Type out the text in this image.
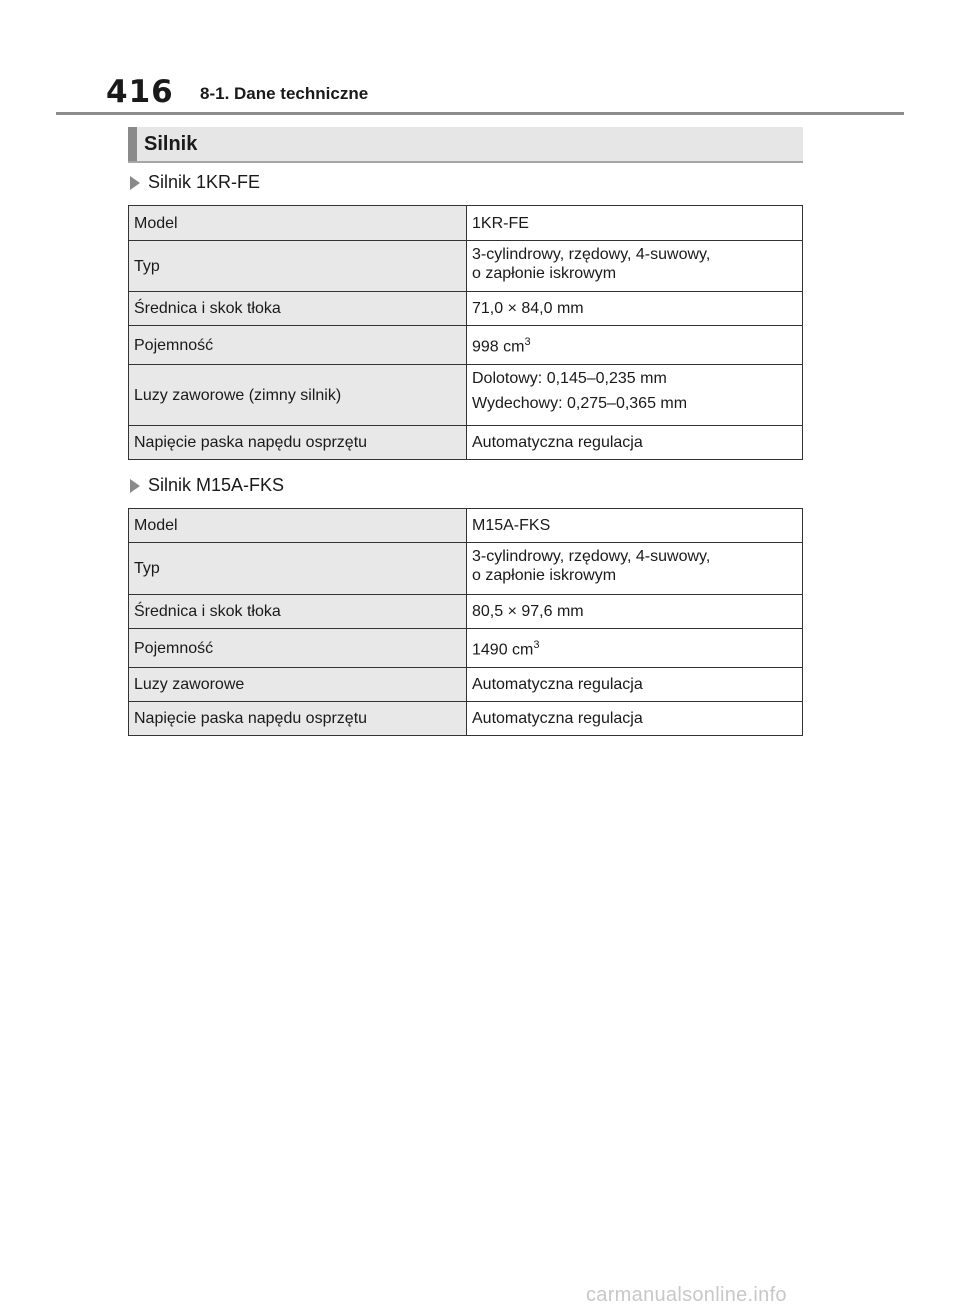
416 8-1. Dane techniczne
Silnik
Silnik 1KR-FE
Model	1KR-FE
Typ	3-cylindrowy, rzędowy, 4-suwowy,
o zapłonie iskrowym

Średnica i skok tłoka	71,0 × 84,0 mm
Pojemność	998 $cm^3$
Luzy zaworowe (zimny silnik)	Dolotowy: 0,145–0,235 mm
Wydechowy: 0,275–0,365 mm

Napięcie paska napędu osprzętu	Automatyczna regulacja
Silnik M15A-FKS
Model	M15A-FKS
Typ	3-cylindrowy, rzędowy, 4-suwowy,
o zapłonie iskrowym

Średnica i skok tłoka	80,5 × 97,6 mm
Pojemność	1490 $cm^3$
Luzy zaworowe	Automatyczna regulacja
Napięcie paska napędu osprzętu	Automatyczna regulacja
carmanualsonline.info
